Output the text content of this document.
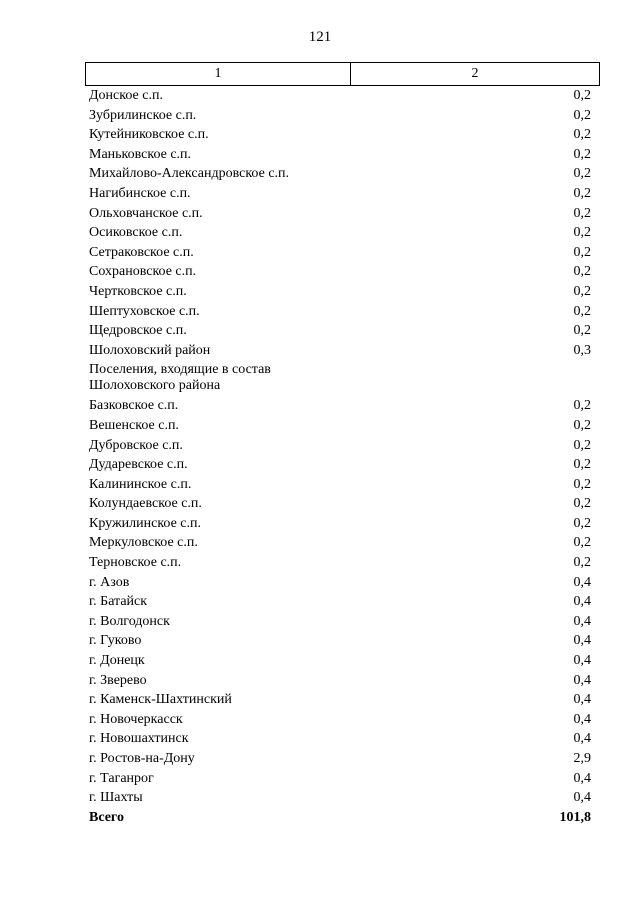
121
1	2
Донское с.п.	0,2
Зубрилинское с.п.	0,2
Кутейниковское с.п.	0,2
Маньковское с.п.	0,2
Михайлово-Александровское с.п.	0,2
Нагибинское с.п.	0,2
Ольховчанское с.п.	0,2
Осиковское с.п.	0,2
Сетраковское с.п.	0,2
Сохрановское с.п.	0,2
Чертковское с.п.	0,2
Шептуховское с.п.	0,2
Щедровское с.п.	0,2
Шолоховский район	0,3
Поселения, входящие в состав
Шолоховского района
Базковское с.п.	0,2
Вешенское с.п.	0,2
Дубровское с.п.	0,2
Дударевское с.п.	0,2
Калининское с.п.	0,2
Колундаевское с.п.	0,2
Кружилинское с.п.	0,2
Меркуловское с.п.	0,2
Терновское с.п.	0,2
г. Азов	0,4
г. Батайск	0,4
г. Волгодонск	0,4
г. Гуково	0,4
г. Донецк	0,4
г. Зверево	0,4
г. Каменск-Шахтинский	0,4
г. Новочеркасск	0,4
г. Новошахтинск	0,4
г. Ростов-на-Дону	2,9
г. Таганрог	0,4
г. Шахты	0,4
Всего	101,8
